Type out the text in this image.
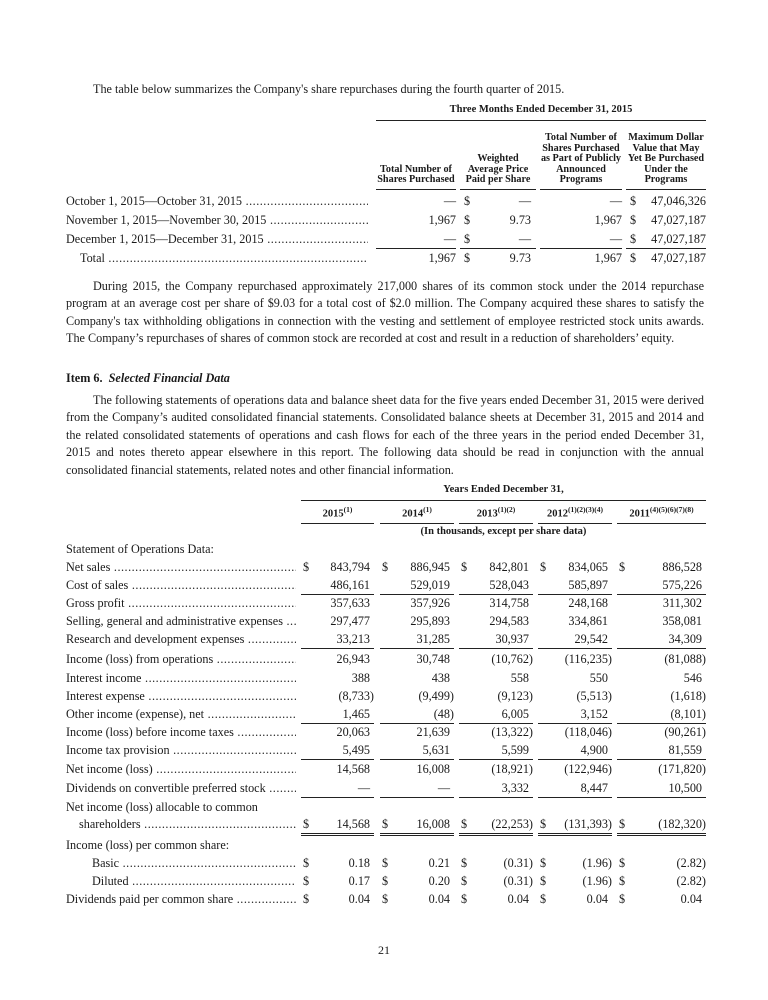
The table below summarizes the Company's share repurchases during the fourth quarter of 2015.
Three Months Ended December 31, 2015
Total Number of Shares Purchased
Weighted Average Price Paid per Share
Total Number of Shares Purchased as Part of Publicly Announced Programs
Maximum Dollar Value that May Yet Be Purchased Under the Programs
October 1, 2015—October 31, 2015 .....	— $	—	— $	47,046,326
November 1, 2015—November 30, 2015 .....	1,967 $	9.73	1,967 $	47,027,187
December 1, 2015—December 31, 2015 .....	— $	—	— $	47,027,187
Total .....	1,967 $	9.73	1,967 $	47,027,187
During 2015, the Company repurchased approximately 217,000 shares of its common stock under the 2014 repurchase program at an average cost per share of $9.03 for a total cost of $2.0 million. The Company acquired these shares to satisfy the Company's tax withholding obligations in connection with the vesting and settlement of employee restricted stock units awards. The Company’s repurchases of shares of common stock are recorded at cost and result in a reduction of shareholders’ equity.
Item 6. Selected Financial Data
The following statements of operations data and balance sheet data for the five years ended December 31, 2015 were derived from the Company’s audited consolidated financial statements. Consolidated balance sheets at December 31, 2015 and 2014 and the related consolidated statements of operations and cash flows for each of the three years in the period ended December 31, 2015 and notes thereto appear elsewhere in this report. The following data should be read in conjunction with the annual consolidated financial statements, related notes and other financial information.
Years Ended December 31,
2015$^{(1)}$	2014$^{(1)}$	$2013^{(1)(2)}$	$2012^{(1)(2)(3)(4)}$	$2011^{(4)(5)(6)(7)(8)}$
(In thousands, except per share data)
Statement of Operations Data:
Net sales .....	$	843,794 $	886,945 $	842,801 $	834,065 $	886,528
Cost of sales .....	486,161	529,019	528,043	585,897	575,226
Gross profit .....	357,633	357,926	314,758	248,168	311,302
Selling, general and administrative expenses .....	297,477	295,893	294,583	334,861	358,081
Research and development expenses .....	33,213	31,285	30,937	29,542	34,309
Income (loss) from operations .....	26,943	30,748	(10,762)	(116,235)	(81,088)
Interest income .....	388	438	558	550	546
Interest expense .....	(8,733)	(9,499)	(9,123)	(5,513)	(1,618)
Other income (expense), net .....	1,465	(48)	6,005	3,152	(8,101)
Income (loss) before income taxes .....	20,063	21,639	(13,322)	(118,046)	(90,261)
Income tax provision .....	5,495	5,631	5,599	4,900	81,559
Net income (loss) .....	14,568	16,008	(18,921)	(122,946)	(171,820)
Dividends on convertible preferred stock .....	—	—	3,332	8,447	10,500
Net income (loss) allocable to common
shareholders .....	$	14,568 $	16,008 $	(22,253) $	(131,393) $	(182,320)
Income (loss) per common share:
Basic .....	$	0.18 $	0.21 $	(0.31) $	(1.96) $	(2.82)
Diluted .....	$	0.17 $	0.20 $	(0.31) $	(1.96) $	(2.82)
Dividends paid per common share .....	$	0.04 $	0.04 $	0.04 $	0.04 $	0.04
21
